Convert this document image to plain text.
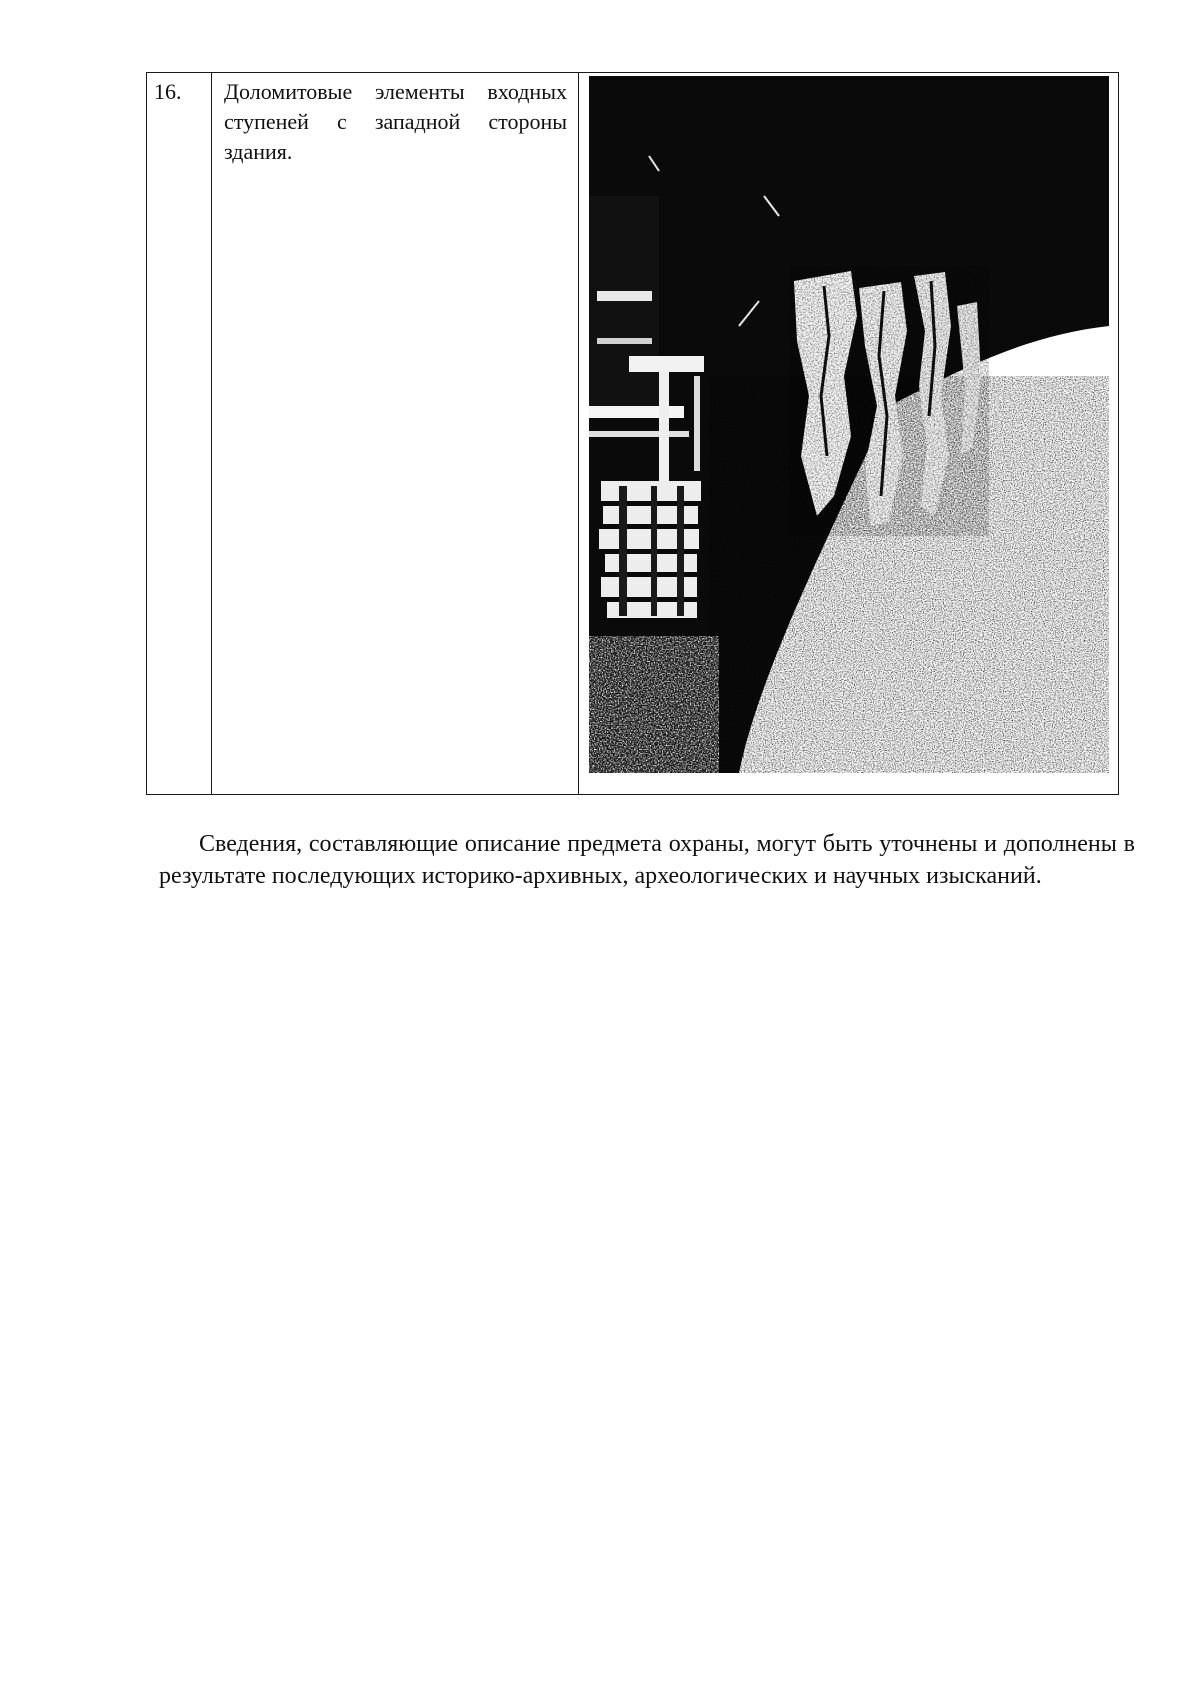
16.	Доломитовые элементы входных ступеней с западной стороны здания.

Сведения, составляющие описание предмета охраны, могут быть уточнены и дополнены в результате последующих историко-архивных, археологических и научных изысканий.
